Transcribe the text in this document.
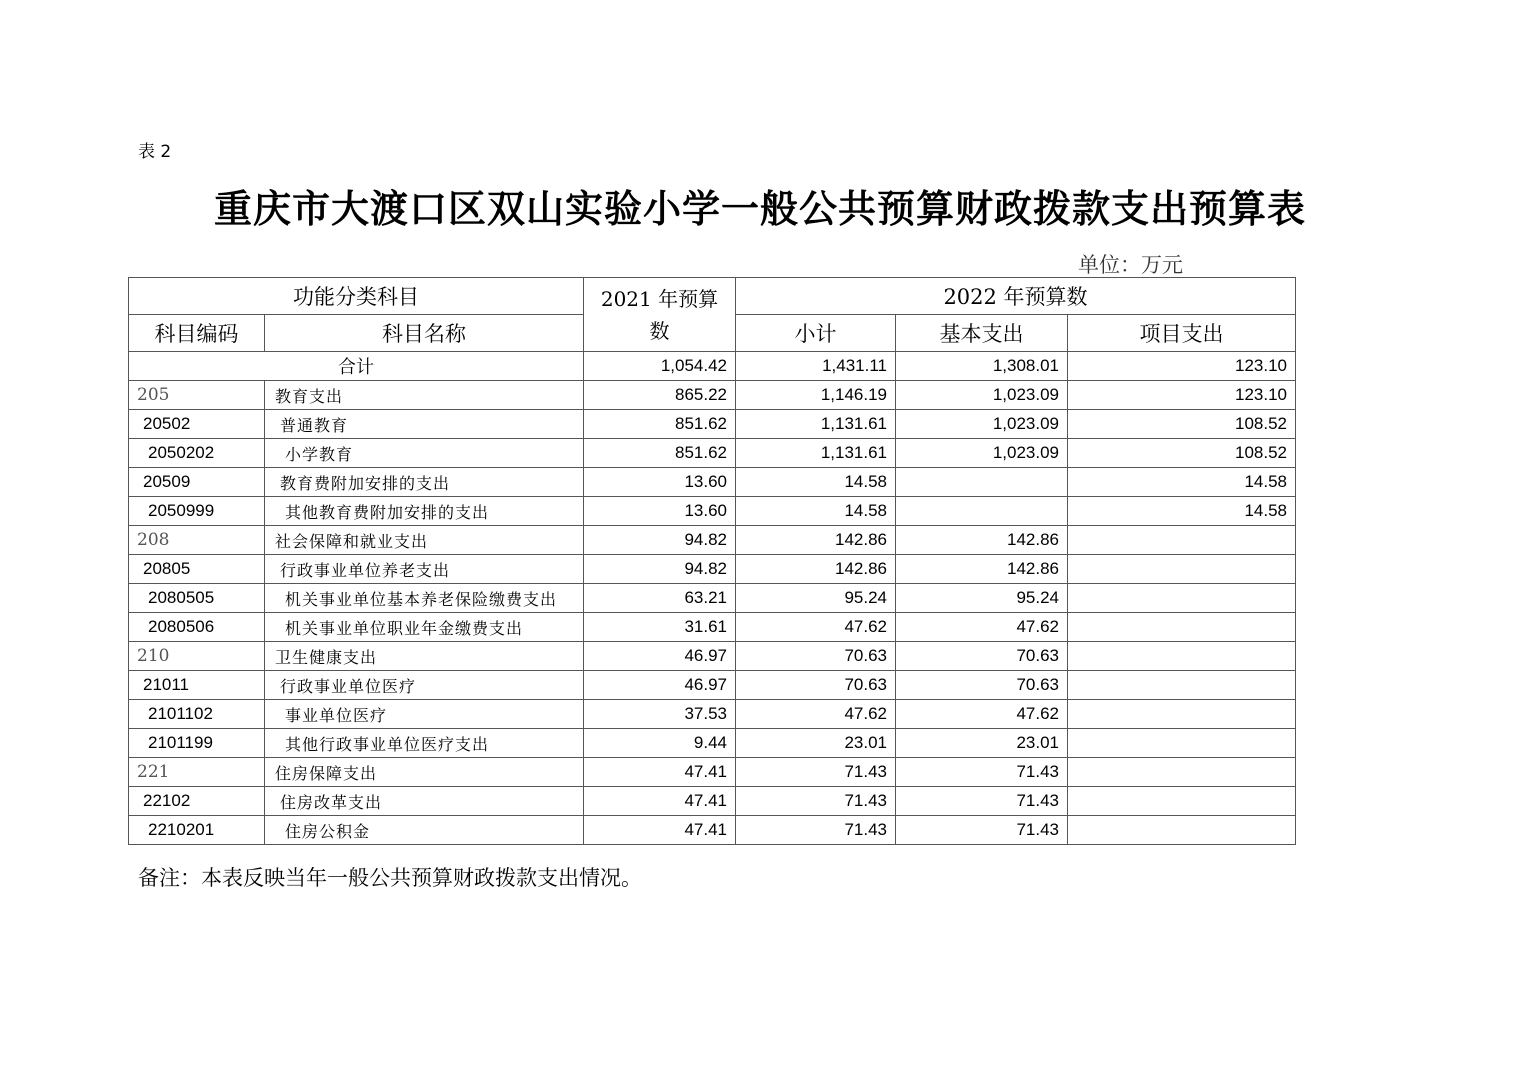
表 2
重庆市大渡口区双山实验小学一般公共预算财政拨款支出预算表
单位：万元
功能分类科目		2021 年预算数	2022 年预算数		
科目编码	科目名称		小计	基本支出	项目支出
合计		1,054.42	1,431.11	1,308.01	123.10
205	教育支出	865.22	1,146.19	1,023.09	123.10
20502	普通教育	851.62	1,131.61	1,023.09	108.52
2050202	小学教育	851.62	1,131.61	1,023.09	108.52
20509	教育费附加安排的支出	13.60	14.58		14.58
2050999	其他教育费附加安排的支出	13.60	14.58		14.58
208	社会保障和就业支出	94.82	142.86	142.86	
20805	行政事业单位养老支出	94.82	142.86	142.86	
2080505	机关事业单位基本养老保险缴费支出	63.21	95.24	95.24	
2080506	机关事业单位职业年金缴费支出	31.61	47.62	47.62	
210	卫生健康支出	46.97	70.63	70.63	
21011	行政事业单位医疗	46.97	70.63	70.63	
2101102	事业单位医疗	37.53	47.62	47.62	
2101199	其他行政事业单位医疗支出	9.44	23.01	23.01	
221	住房保障支出	47.41	71.43	71.43	
22102	住房改革支出	47.41	71.43	71.43	
2210201	住房公积金	47.41	71.43	71.43	
备注：本表反映当年一般公共预算财政拨款支出情况。
